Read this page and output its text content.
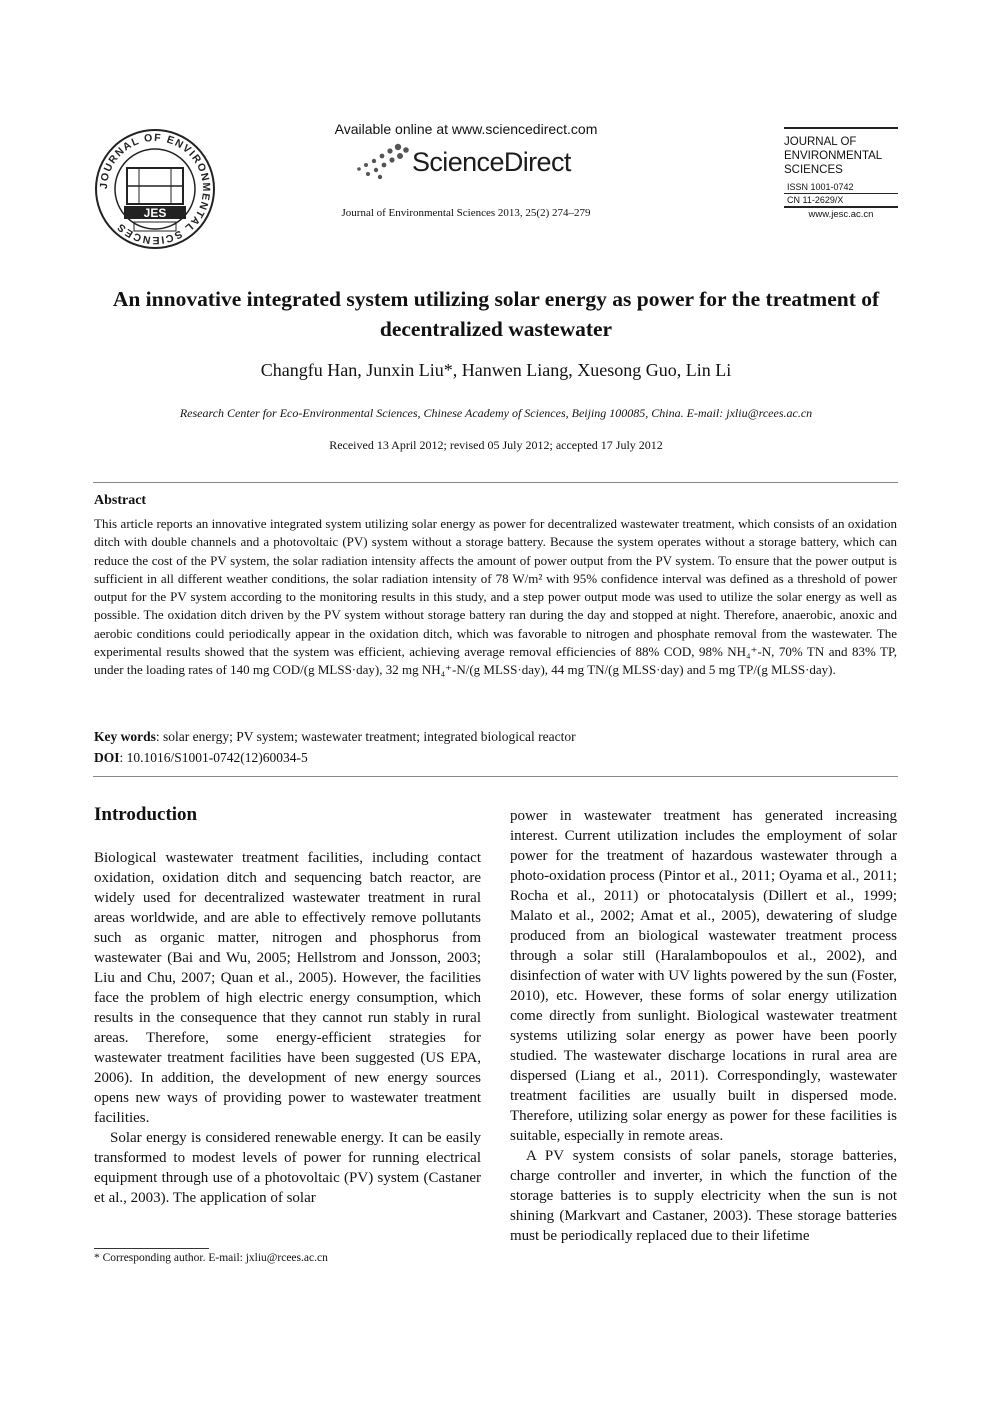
JOURNAL OF ENVIRONMENTAL SCIENCES
JES
Available online at www.sciencedirect.com
ScienceDirect
Journal of Environmental Sciences 2013, 25(2) 274–279
JOURNAL OF
ENVIRONMENTAL
SCIENCES
ISSN 1001-0742
CN 11-2629/X
www.jesc.ac.cn
An innovative integrated system utilizing solar energy as power for the treatment of decentralized wastewater
Changfu Han, Junxin Liu*, Hanwen Liang, Xuesong Guo, Lin Li
Research Center for Eco-Environmental Sciences, Chinese Academy of Sciences, Beijing 100085, China. E-mail: jxliu@rcees.ac.cn
Received 13 April 2012; revised 05 July 2012; accepted 17 July 2012
Abstract
This article reports an innovative integrated system utilizing solar energy as power for decentralized wastewater treatment, which consists of an oxidation ditch with double channels and a photovoltaic (PV) system without a storage battery. Because the system operates without a storage battery, which can reduce the cost of the PV system, the solar radiation intensity affects the amount of power output from the PV system. To ensure that the power output is sufficient in all different weather conditions, the solar radiation intensity of 78 W/m² with 95% confidence interval was defined as a threshold of power output for the PV system according to the monitoring results in this study, and a step power output mode was used to utilize the solar energy as well as possible. The oxidation ditch driven by the PV system without storage battery ran during the day and stopped at night. Therefore, anaerobic, anoxic and aerobic conditions could periodically appear in the oxidation ditch, which was favorable to nitrogen and phosphate removal from the wastewater. The experimental results showed that the system was efficient, achieving average removal efficiencies of 88% COD, 98% NH₄⁺-N, 70% TN and 83% TP, under the loading rates of 140 mg COD/(g MLSS·day), 32 mg NH₄⁺-N/(g MLSS·day), 44 mg TN/(g MLSS·day) and 5 mg TP/(g MLSS·day).
Key words: solar energy; PV system; wastewater treatment; integrated biological reactor
DOI: 10.1016/S1001-0742(12)60034-5
Introduction

Biological wastewater treatment facilities, including contact oxidation, oxidation ditch and sequencing batch reactor, are widely used for decentralized wastewater treatment in rural areas worldwide, and are able to effectively remove pollutants such as organic matter, nitrogen and phosphorus from wastewater (Bai and Wu, 2005; Hellstrom and Jonsson, 2003; Liu and Chu, 2007; Quan et al., 2005). However, the facilities face the problem of high electric energy consumption, which results in the consequence that they cannot run stably in rural areas. Therefore, some energy-efficient strategies for wastewater treatment facilities have been suggested (US EPA, 2006). In addition, the development of new energy sources opens new ways of providing power to wastewater treatment facilities.

Solar energy is considered renewable energy. It can be easily transformed to modest levels of power for running electrical equipment through use of a photovoltaic (PV) system (Castaner et al., 2003). The application of solar

power in wastewater treatment has generated increasing interest. Current utilization includes the employment of solar power for the treatment of hazardous wastewater through a photo-oxidation process (Pintor et al., 2011; Oyama et al., 2011; Rocha et al., 2011) or photocatalysis (Dillert et al., 1999; Malato et al., 2002; Amat et al., 2005), dewatering of sludge produced from an biological wastewater treatment process through a solar still (Haralambopoulos et al., 2002), and disinfection of water with UV lights powered by the sun (Foster, 2010), etc. However, these forms of solar energy utilization come directly from sunlight. Biological wastewater treatment systems utilizing solar energy as power have been poorly studied. The wastewater discharge locations in rural area are dispersed (Liang et al., 2011). Correspondingly, wastewater treatment facilities are usually built in dispersed mode. Therefore, utilizing solar energy as power for these facilities is suitable, especially in remote areas.

A PV system consists of solar panels, storage batteries, charge controller and inverter, in which the function of the storage batteries is to supply electricity when the sun is not shining (Markvart and Castaner, 2003). These storage batteries must be periodically replaced due to their lifetime

* Corresponding author. E-mail: jxliu@rcees.ac.cn
